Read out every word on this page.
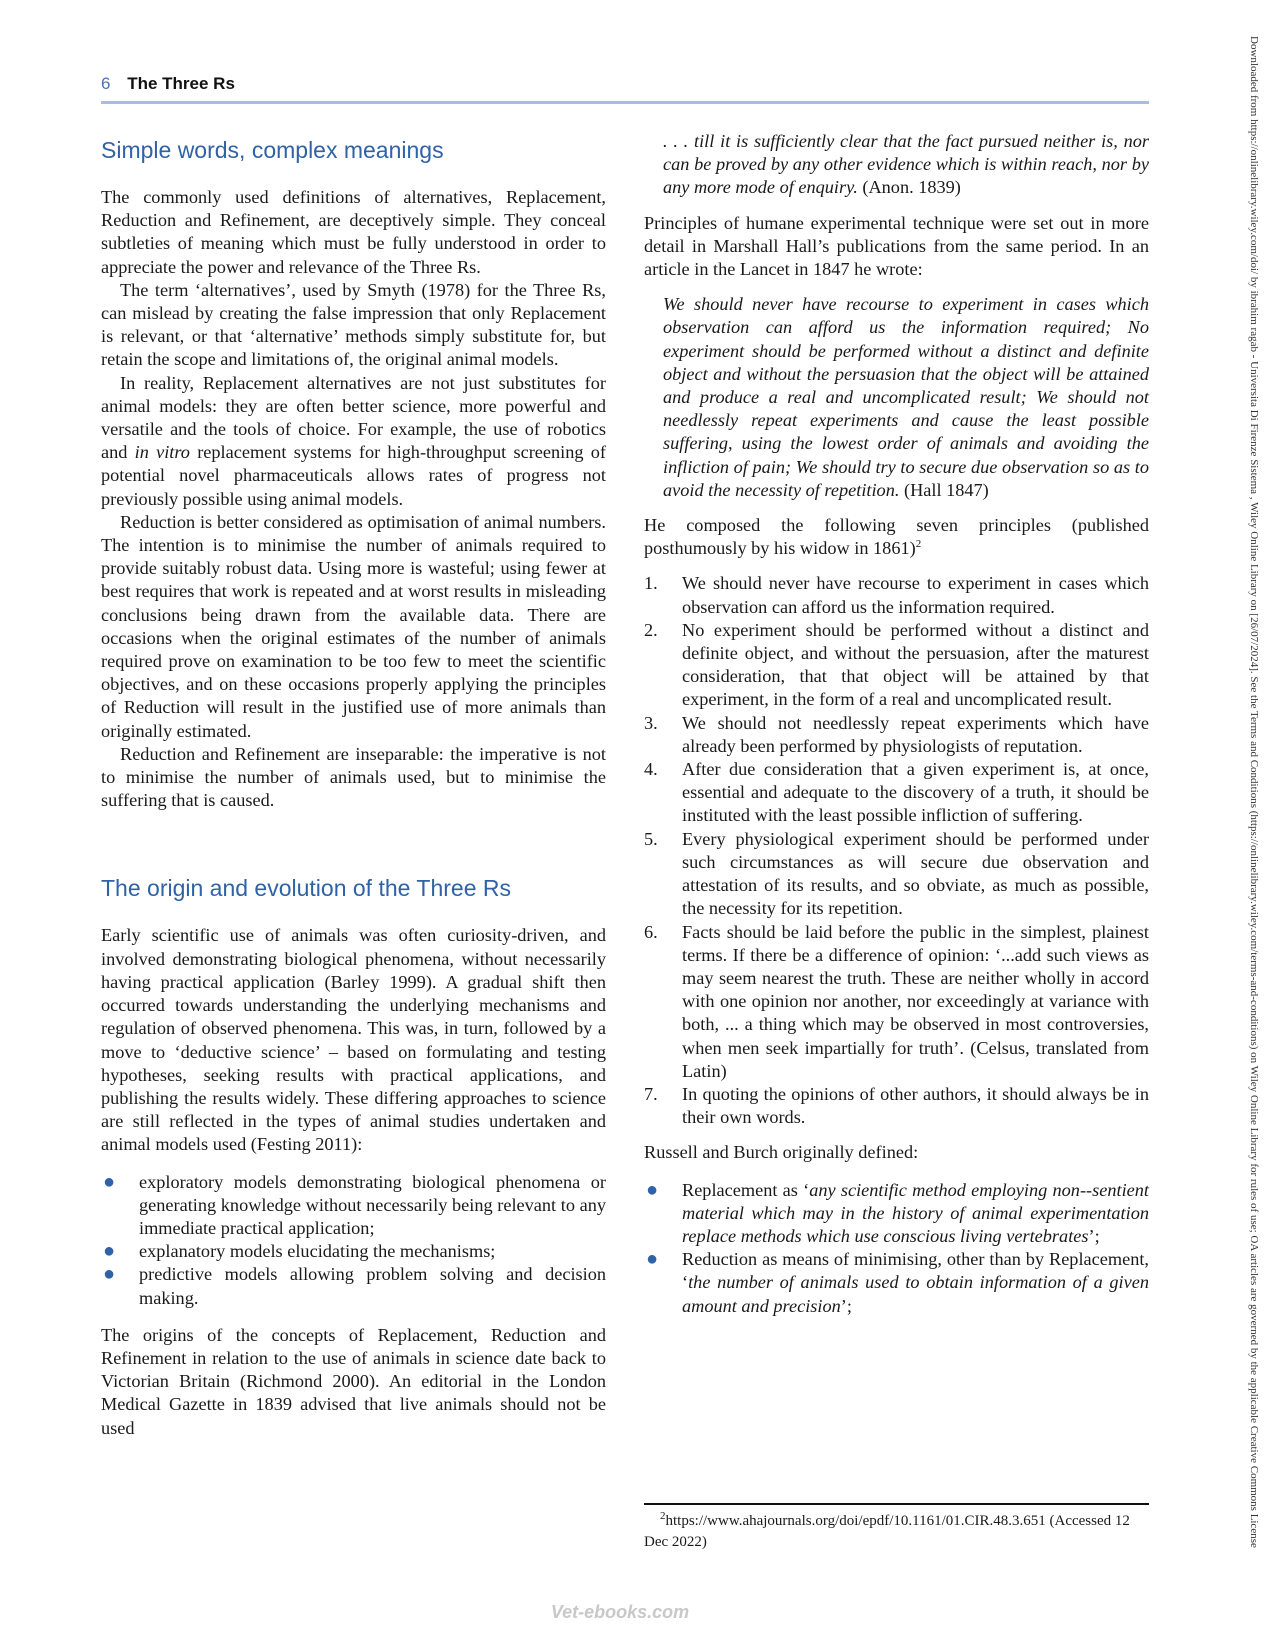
6 The Three Rs
Simple words, complex meanings

The commonly used definitions of alternatives, Replacement, Reduction and Refinement, are deceptively simple. They conceal subtleties of meaning which must be fully understood in order to appreciate the power and relevance of the Three Rs.

The term ‘alternatives’, used by Smyth (1978) for the Three Rs, can mislead by creating the false impression that only Replacement is relevant, or that ‘alternative’ methods simply substitute for, but retain the scope and limitations of, the original animal models.

In reality, Replacement alternatives are not just substitutes for animal models: they are often better science, more powerful and versatile and the tools of choice. For example, the use of robotics and in vitro replacement systems for high-throughput screening of potential novel pharmaceuticals allows rates of progress not previously possible using animal models.

Reduction is better considered as optimisation of animal numbers. The intention is to minimise the number of animals required to provide suitably robust data. Using more is wasteful; using fewer at best requires that work is repeated and at worst results in misleading conclusions being drawn from the available data. There are occasions when the original estimates of the number of animals required prove on examination to be too few to meet the scientific objectives, and on these occasions properly applying the principles of Reduction will result in the justified use of more animals than originally estimated.

Reduction and Refinement are inseparable: the imperative is not to minimise the number of animals used, but to minimise the suffering that is caused.

The origin and evolution of the Three Rs

Early scientific use of animals was often curiosity-driven, and involved demonstrating biological phenomena, without necessarily having practical application (Barley 1999). A gradual shift then occurred towards understanding the underlying mechanisms and regulation of observed phenomena. This was, in turn, followed by a move to ‘deductive science’ – based on formulating and testing hypotheses, seeking results with practical applications, and publishing the results widely. These differing approaches to science are still reflected in the types of animal studies undertaken and animal models used (Festing 2011):

● exploratory models demonstrating biological phenomena or generating knowledge without necessarily being relevant to any immediate practical application;
● explanatory models elucidating the mechanisms;
● predictive models allowing problem solving and decision making.

The origins of the concepts of Replacement, Reduction and Refinement in relation to the use of animals in science date back to Victorian Britain (Richmond 2000). An editorial in the London Medical Gazette in 1839 advised that live animals should not be used

. . . till it is sufficiently clear that the fact pursued neither is, nor can be proved by any other evidence which is within reach, nor by any more mode of enquiry. (Anon. 1839)

Principles of humane experimental technique were set out in more detail in Marshall Hall’s publications from the same period. In an article in the Lancet in 1847 he wrote:

We should never have recourse to experiment in cases which observation can afford us the information required; No experiment should be performed without a distinct and definite object and without the persuasion that the object will be attained and produce a real and uncomplicated result; We should not needlessly repeat experiments and cause the least possible suffering, using the lowest order of animals and avoiding the infliction of pain; We should try to secure due observation so as to avoid the necessity of repetition. (Hall 1847)

He composed the following seven principles (published posthumously by his widow in 1861)$^2$

1. We should never have recourse to experiment in cases which observation can afford us the information required.
2. No experiment should be performed without a distinct and definite object, and without the persuasion, after the maturest consideration, that that object will be attained by that experiment, in the form of a real and uncomplicated result.
3. We should not needlessly repeat experiments which have already been performed by physiologists of reputation.
4. After due consideration that a given experiment is, at once, essential and adequate to the discovery of a truth, it should be instituted with the least possible infliction of suffering.
5. Every physiological experiment should be performed under such circumstances as will secure due observation and attestation of its results, and so obviate, as much as possible, the necessity for its repetition.
6. Facts should be laid before the public in the simplest, plainest terms. If there be a difference of opinion: ‘...add such views as may seem nearest the truth. These are neither wholly in accord with one opinion nor another, nor exceedingly at variance with both, ... a thing which may be observed in most controversies, when men seek impartially for truth’. (Celsus, translated from Latin)
7. In quoting the opinions of other authors, it should always be in their own words.

Russell and Burch originally defined:

● Replacement as ‘any scientific method employing non--sentient material which may in the history of animal experimentation replace methods which use conscious living vertebrates’;
● Reduction as means of minimising, other than by Replacement, ‘the number of animals used to obtain information of a given amount and precision’;
$^2$https://www.ahajournals.org/doi/epdf/10.1161/01.CIR.48.3.651 (Accessed 12 Dec 2022)	Downloaded from https://onlinelibrary.wiley.com/doi/ by ibrahim ragab - Universita Di Firenze Sistema , Wiley Online Library on [26/07/2024]. See the Terms and Conditions (https://onlinelibrary.wiley.com/terms-and-conditions) on Wiley Online Library for rules of use; OA articles are governed by the applicable Creative Commons License
Vet-ebooks.com
